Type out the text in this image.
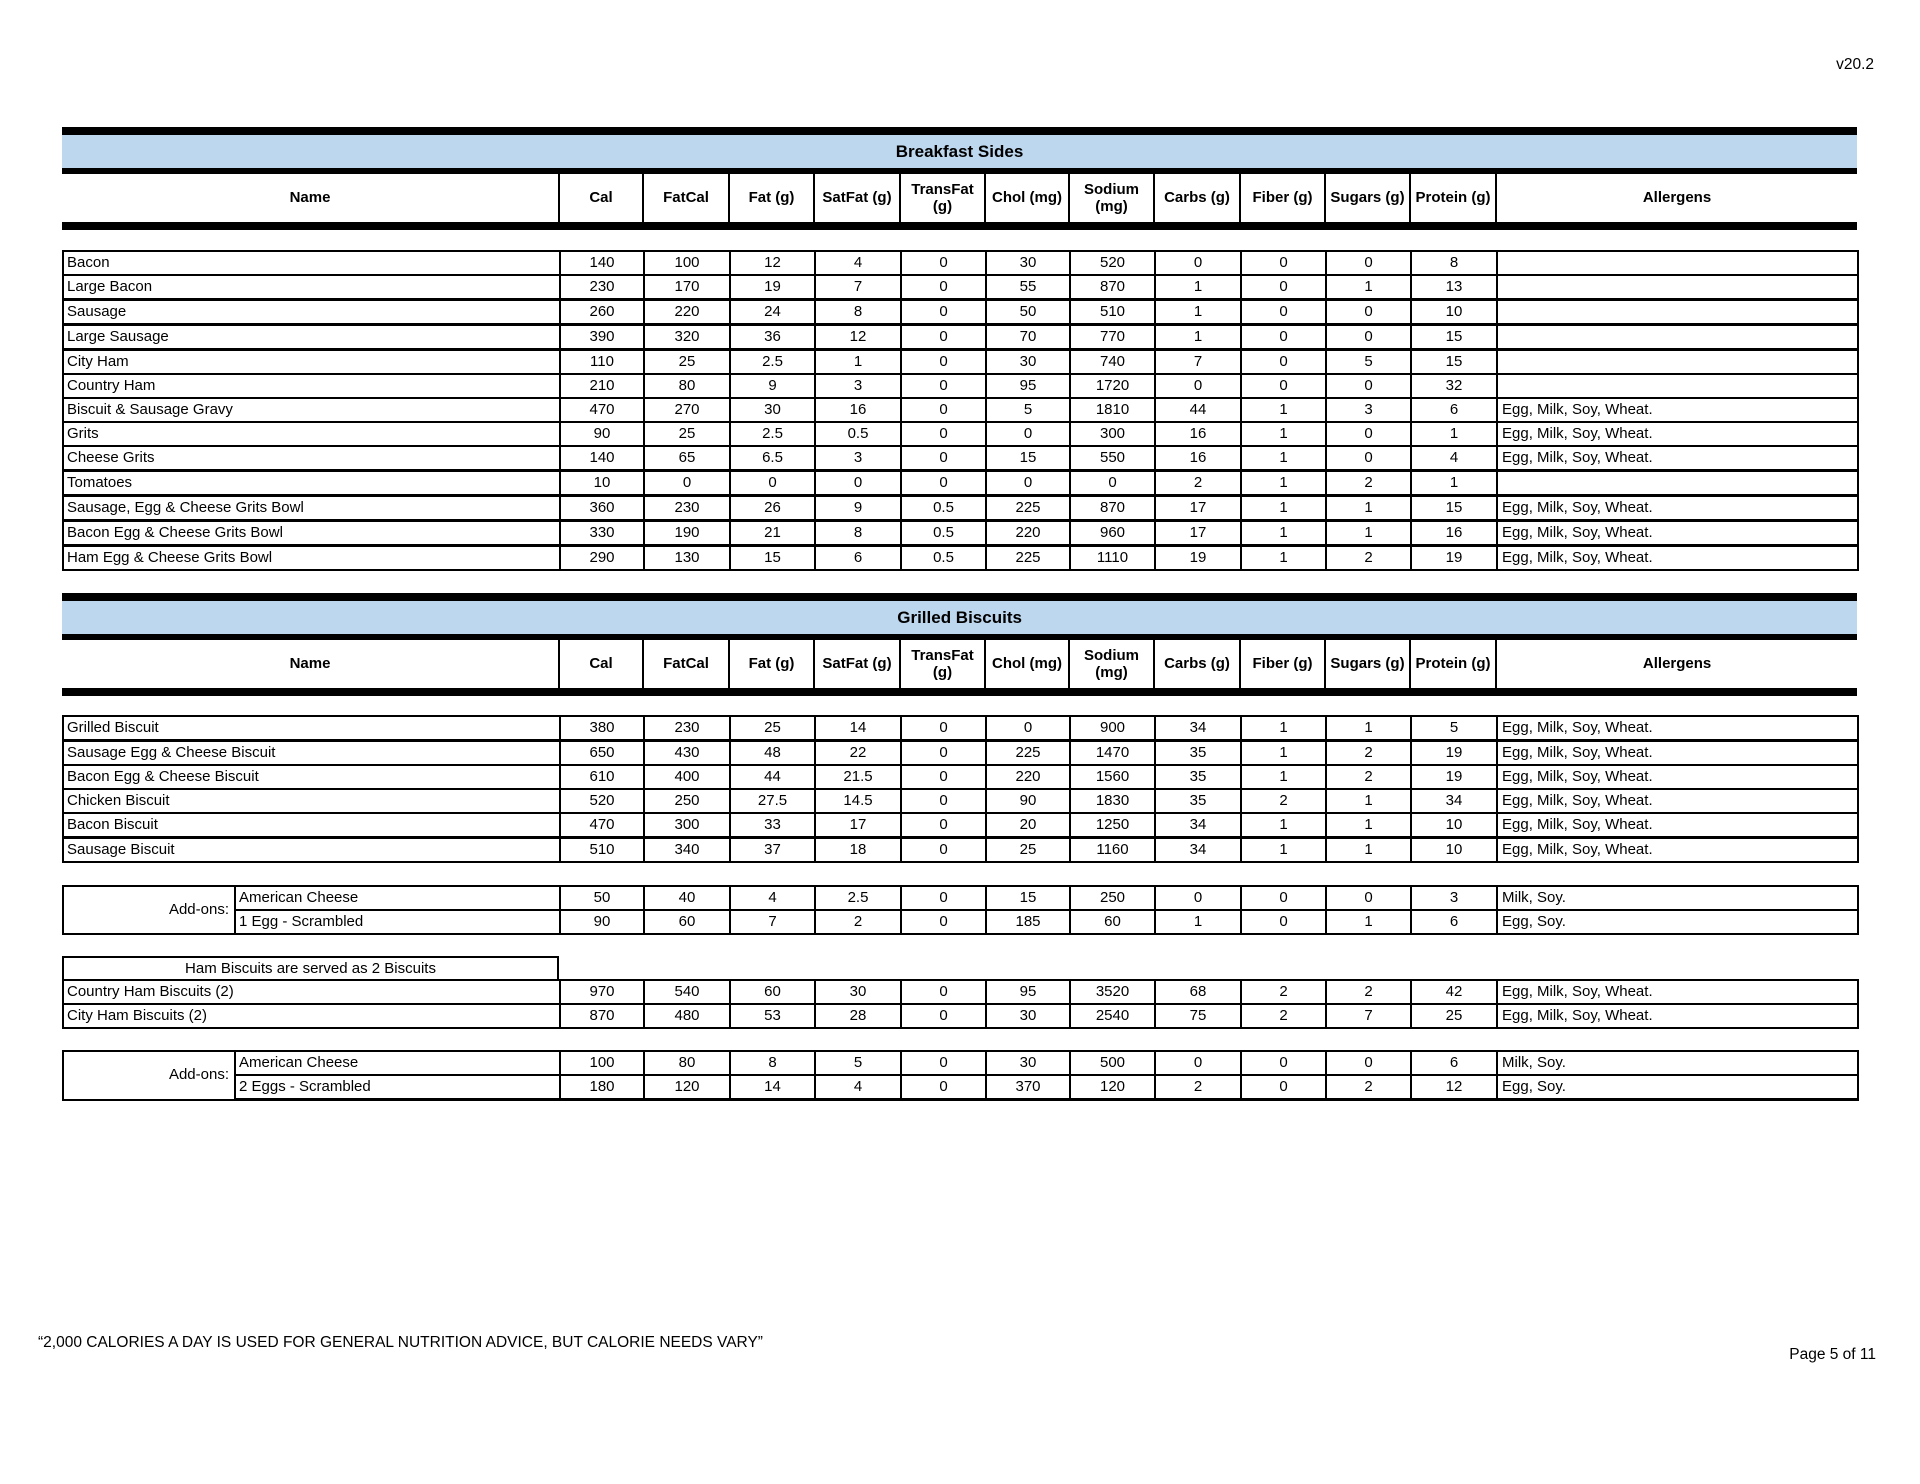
v20.2
Breakfast Sides
Name	Cal	FatCal	Fat (g)	SatFat (g)	TransFat (g)	Chol (mg)	Sodium (mg)	Carbs (g)	Fiber (g)	Sugars (g)	Protein (g)	Allergens
Bacon	140	100	12	4	0	30	520	0	0	0	8	
Large Bacon	230	170	19	7	0	55	870	1	0	1	13	
Sausage	260	220	24	8	0	50	510	1	0	0	10	
Large Sausage	390	320	36	12	0	70	770	1	0	0	15	
City Ham	110	25	2.5	1	0	30	740	7	0	5	15	
Country Ham	210	80	9	3	0	95	1720	0	0	0	32	
Biscuit & Sausage Gravy	470	270	30	16	0	5	1810	44	1	3	6	Egg, Milk, Soy, Wheat.
Grits	90	25	2.5	0.5	0	0	300	16	1	0	1	Egg, Milk, Soy, Wheat.
Cheese Grits	140	65	6.5	3	0	15	550	16	1	0	4	Egg, Milk, Soy, Wheat.
Tomatoes	10	0	0	0	0	0	0	2	1	2	1	
Sausage, Egg & Cheese Grits Bowl	360	230	26	9	0.5	225	870	17	1	1	15	Egg, Milk, Soy, Wheat.
Bacon Egg & Cheese Grits Bowl	330	190	21	8	0.5	220	960	17	1	1	16	Egg, Milk, Soy, Wheat.
Ham Egg & Cheese Grits Bowl	290	130	15	6	0.5	225	1110	19	1	2	19	Egg, Milk, Soy, Wheat.
Grilled Biscuits
Name	Cal	FatCal	Fat (g)	SatFat (g)	TransFat (g)	Chol (mg)	Sodium (mg)	Carbs (g)	Fiber (g)	Sugars (g)	Protein (g)	Allergens
Grilled Biscuit	380	230	25	14	0	0	900	34	1	1	5	Egg, Milk, Soy, Wheat.
Sausage Egg & Cheese Biscuit	650	430	48	22	0	225	1470	35	1	2	19	Egg, Milk, Soy, Wheat.
Bacon Egg & Cheese Biscuit	610	400	44	21.5	0	220	1560	35	1	2	19	Egg, Milk, Soy, Wheat.
Chicken Biscuit	520	250	27.5	14.5	0	90	1830	35	2	1	34	Egg, Milk, Soy, Wheat.
Bacon Biscuit	470	300	33	17	0	20	1250	34	1	1	10	Egg, Milk, Soy, Wheat.
Sausage Biscuit	510	340	37	18	0	25	1160	34	1	1	10	Egg, Milk, Soy, Wheat.
Add-ons:	American Cheese	50	40	4	2.5	0	15	250	0	0	0	3	Milk, Soy.
	1 Egg - Scrambled	90	60	7	2	0	185	60	1	0	1	6	Egg, Soy.
Ham Biscuits are served as 2 Biscuits
Country Ham Biscuits (2)	970	540	60	30	0	95	3520	68	2	2	42	Egg, Milk, Soy, Wheat.
City Ham Biscuits (2)	870	480	53	28	0	30	2540	75	2	7	25	Egg, Milk, Soy, Wheat.
Add-ons:	American Cheese	100	80	8	5	0	30	500	0	0	0	6	Milk, Soy.
	2 Eggs - Scrambled	180	120	14	4	0	370	120	2	0	2	12	Egg, Soy.
“2,000 CALORIES A DAY IS USED FOR GENERAL NUTRITION ADVICE, BUT CALORIE NEEDS VARY”
Page 5 of 11
